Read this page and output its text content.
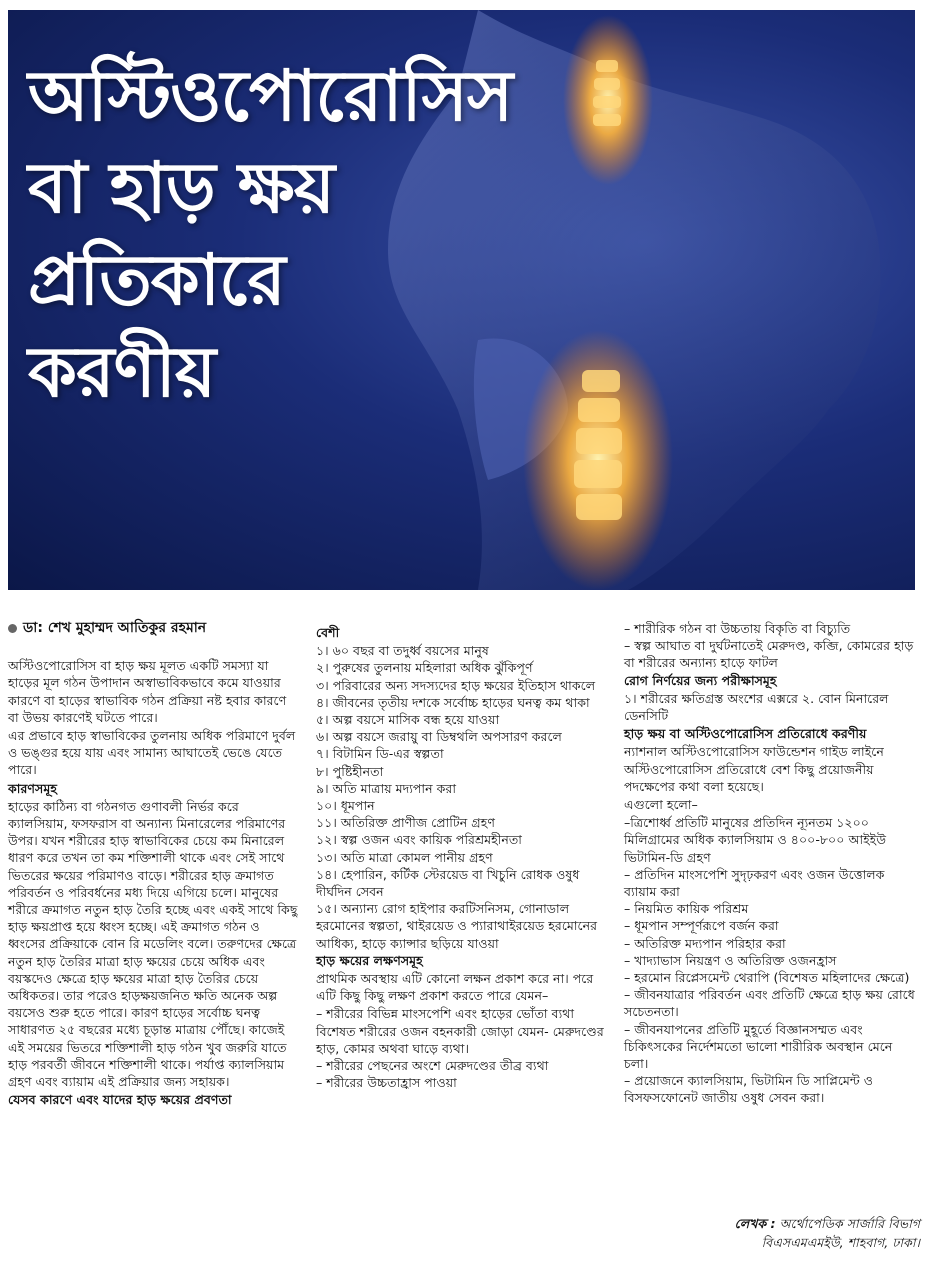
অস্টিওপোরোসিস
বা হাড় ক্ষয়
প্রতিকারে
করণীয়
ডা: শেখ মুহাম্মদ আতিকুর রহমান

অস্টিওপোরোসিস বা হাড় ক্ষয় মূলত একটি সমস্যা যা হাড়ের মূল গঠন উপাদান অস্বাভাবিকভাবে কমে যাওয়ার কারণে বা হাড়ের স্বাভাবিক গঠন প্রক্রিয়া নষ্ট হবার কারণে বা উভয় কারণেই ঘটতে পারে।

এর প্রভাবে হাড় স্বাভাবিকের তুলনায় অধিক পরিমাণে দুর্বল ও ভঙ্গুর হয়ে যায় এবং সামান্য আঘাতেই ভেঙে যেতে পারে।

কারণসমূহ

হাড়ের কাঠিন্য বা গঠনগত গুণাবলী নির্ভর করে ক্যালসিয়াম, ফসফরাস বা অন্যান্য মিনারেলের পরিমাণের উপর। যখন শরীরের হাড় স্বাভাবিকের চেয়ে কম মিনারেল ধারণ করে তখন তা কম শক্তিশালী থাকে এবং সেই সাথে ভিতরের ক্ষয়ের পরিমাণও বাড়ে। শরীরের হাড় ক্রমাগত পরিবর্তন ও পরিবর্ধনের মধ্য দিয়ে এগিয়ে চলে। মানুষের শরীরে ক্রমাগত নতুন হাড় তৈরি হচ্ছে এবং একই সাথে কিছু হাড় ক্ষয়প্রাপ্ত হয়ে ধ্বংস হচ্ছে। এই ক্রমাগত গঠন ও ধ্বংসের প্রক্রিয়াকে বোন রি মডেলিং বলে। তরুণদের ক্ষেত্রে নতুন হাড় তৈরির মাত্রা হাড় ক্ষয়ের চেয়ে অধিক এবং বয়স্কদেও ক্ষেত্রে হাড় ক্ষয়ের মাত্রা হাড় তৈরির চেয়ে অধিকতর। তার পরেও হাড়ক্ষয়জনিত ক্ষতি অনেক অল্প বয়সেও শুরু হতে পারে। কারণ হাড়ের সর্বোচ্চ ঘনত্ব সাধারণত ২৫ বছরের মধ্যে চূড়ান্ত মাত্রায় পৌঁছে। কাজেই এই সময়ের ভিতরে শক্তিশালী হাড় গঠন খুব জরুরি যাতে হাড় পরবর্তী জীবনে শক্তিশালী থাকে। পর্যাপ্ত ক্যালসিয়াম গ্রহণ এবং ব্যায়াম এই প্রক্রিয়ার জন্য সহায়ক।

যেসব কারণে এবং যাদের হাড় ক্ষয়ের প্রবণতা

বেশী

১। ৬০ বছর বা তদুর্ধ্ব বয়সের মানুষ

২। পুরুষের তুলনায় মহিলারা অধিক ঝুঁকিপূর্ণ

৩। পরিবারের অন্য সদস্যদের হাড় ক্ষয়ের ইতিহাস থাকলে

৪। জীবনের তৃতীয় দশকে সর্বোচ্চ হাড়ের ঘনত্ব কম থাকা

৫। অল্প বয়সে মাসিক বন্ধ হয়ে যাওয়া

৬। অল্প বয়সে জরায়ু বা ডিম্বথলি অপসারণ করলে

৭। বিটামিন ডি-এর স্বল্পতা

৮। পুষ্টিহীনতা

৯। অতি মাত্রায় মদ্যপান করা

১০। ধূমপান

১১। অতিরিক্ত প্রাণীজ প্রোটিন গ্রহণ

১২। স্বল্প ওজন এবং কায়িক পরিশ্রমহীনতা

১৩। অতি মাত্রা কোমল পানীয় গ্রহণ

১৪। হেপারিন, কর্টিক স্টেরয়েড বা খিচুনি রোধক ওষুধ দীর্ঘদিন সেবন

১৫। অন্যান্য রোগ হাইপার করটিসনিসম, গোনাডাল হরমোনের স্বল্পতা, থাইরয়েড ও প্যারাথাইরয়েড হরমোনের আধিক্য, হাড়ে ক্যান্সার ছড়িয়ে যাওয়া

হাড় ক্ষয়ের লক্ষণসমূহ

প্রাথমিক অবস্থায় এটি কোনো লক্ষন প্রকাশ করে না। পরে এটি কিছু কিছু লক্ষণ প্রকাশ করতে পারে যেমন–

– শরীরের বিভিন্ন মাংসপেশি এবং হাড়ের ভোঁতা ব্যথা বিশেষত শরীরের ওজন বহনকারী জোড়া যেমন- মেরুদণ্ডের হাড়, কোমর অথবা ঘাড়ে ব্যথা।

– শরীরের পেছনের অংশে মেরুদণ্ডের তীব্র ব্যথা

– শরীরের উচ্চতাহ্রাস পাওয়া

– শারীরিক গঠন বা উচ্চতায় বিকৃতি বা বিচ্যুতি

– স্বল্প আঘাত বা দুর্ঘটনাতেই মেরুদণ্ড, কব্জি, কোমরের হাড় বা শরীরের অন্যান্য হাড়ে ফাটল

রোগ নির্ণয়ের জন্য পরীক্ষাসমূহ

১। শরীরের ক্ষতিগ্রস্ত অংশের এক্সরে ২. বোন মিনারেল ডেনসিটি

হাড় ক্ষয় বা অস্টিওপোরোসিস প্রতিরোধে করণীয়

ন্যাশনাল অস্টিওপোরোসিস ফাউন্ডেশন গাইড লাইনে অস্টিওপোরোসিস প্রতিরোধে বেশ কিছু প্রয়োজনীয় পদক্ষেপের কথা বলা হয়েছে।

এগুলো হলো–

–ত্রিশোর্ধ্ব প্রতিটি মানুষের প্রতিদিন ন্যূনতম ১২০০ মিলিগ্রামের অধিক ক্যালসিয়াম ও ৪০০-৮০০ আইইউ ভিটামিন-ডি গ্রহণ

– প্রতিদিন মাংসপেশি সুদৃঢ়করণ এবং ওজন উত্তোলক ব্যায়াম করা

– নিয়মিত কায়িক পরিশ্রম

– ধূমপান সম্পূর্ণরূপে বর্জন করা

– অতিরিক্ত মদ্যপান পরিহার করা

– খাদ্যাভাস নিয়ন্ত্রণ ও অতিরিক্ত ওজনহ্রাস

– হরমোন রিপ্লেসমেন্ট থেরাপি (বিশেষত মহিলাদের ক্ষেত্রে)

– জীবনযাত্রার পরিবর্তন এবং প্রতিটি ক্ষেত্রে হাড় ক্ষয় রোধে সচেতনতা।

– জীবনযাপনের প্রতিটি মুহূর্তে বিজ্ঞানসম্মত এবং চিকিৎসকের নির্দেশমতো ভালো শারীরিক অবস্থান মেনে চলা।

– প্রয়োজনে ক্যালসিয়াম, ভিটামিন ডি সাপ্লিমেন্ট ও বিসফসফোনেট জাতীয় ওষুধ সেবন করা।

লেখক : অর্থোপেডিক সার্জারি বিভাগ
বিএসএমএমইউ, শাহবাগ, ঢাকা।
